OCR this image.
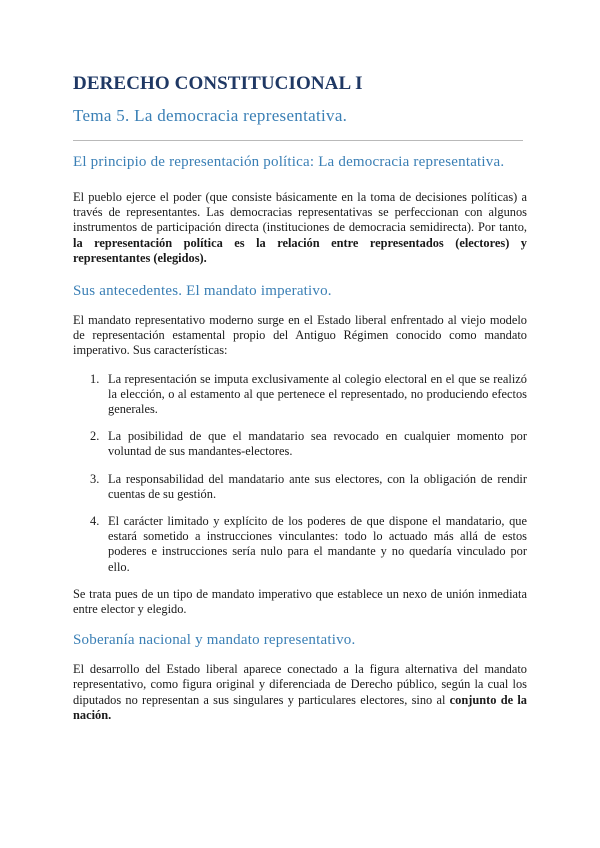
DERECHO CONSTITUCIONAL I
Tema 5. La democracia representativa.
El principio de representación política: La democracia representativa.

El pueblo ejerce el poder (que consiste básicamente en la toma de decisiones políticas) a través de representantes. Las democracias representativas se perfeccionan con algunos instrumentos de participación directa (instituciones de democracia semidirecta). Por tanto, la representación política es la relación entre representados (electores) y representantes (elegidos).

Sus antecedentes. El mandato imperativo.

El mandato representativo moderno surge en el Estado liberal enfrentado al viejo modelo de representación estamental propio del Antiguo Régimen conocido como mandato imperativo. Sus características:

1. La representación se imputa exclusivamente al colegio electoral en el que se realizó la elección, o al estamento al que pertenece el representado, no produciendo efectos generales.

2. La posibilidad de que el mandatario sea revocado en cualquier momento por voluntad de sus mandantes-electores.

3. La responsabilidad del mandatario ante sus electores, con la obligación de rendir cuentas de su gestión.

4. El carácter limitado y explícito de los poderes de que dispone el mandatario, que estará sometido a instrucciones vinculantes: todo lo actuado más allá de estos poderes e instrucciones sería nulo para el mandante y no quedaría vinculado por ello.

Se trata pues de un tipo de mandato imperativo que establece un nexo de unión inmediata entre elector y elegido.

Soberanía nacional y mandato representativo.

El desarrollo del Estado liberal aparece conectado a la figura alternativa del mandato representativo, como figura original y diferenciada de Derecho público, según la cual los diputados no representan a sus singulares y particulares electores, sino al conjunto de la nación.
